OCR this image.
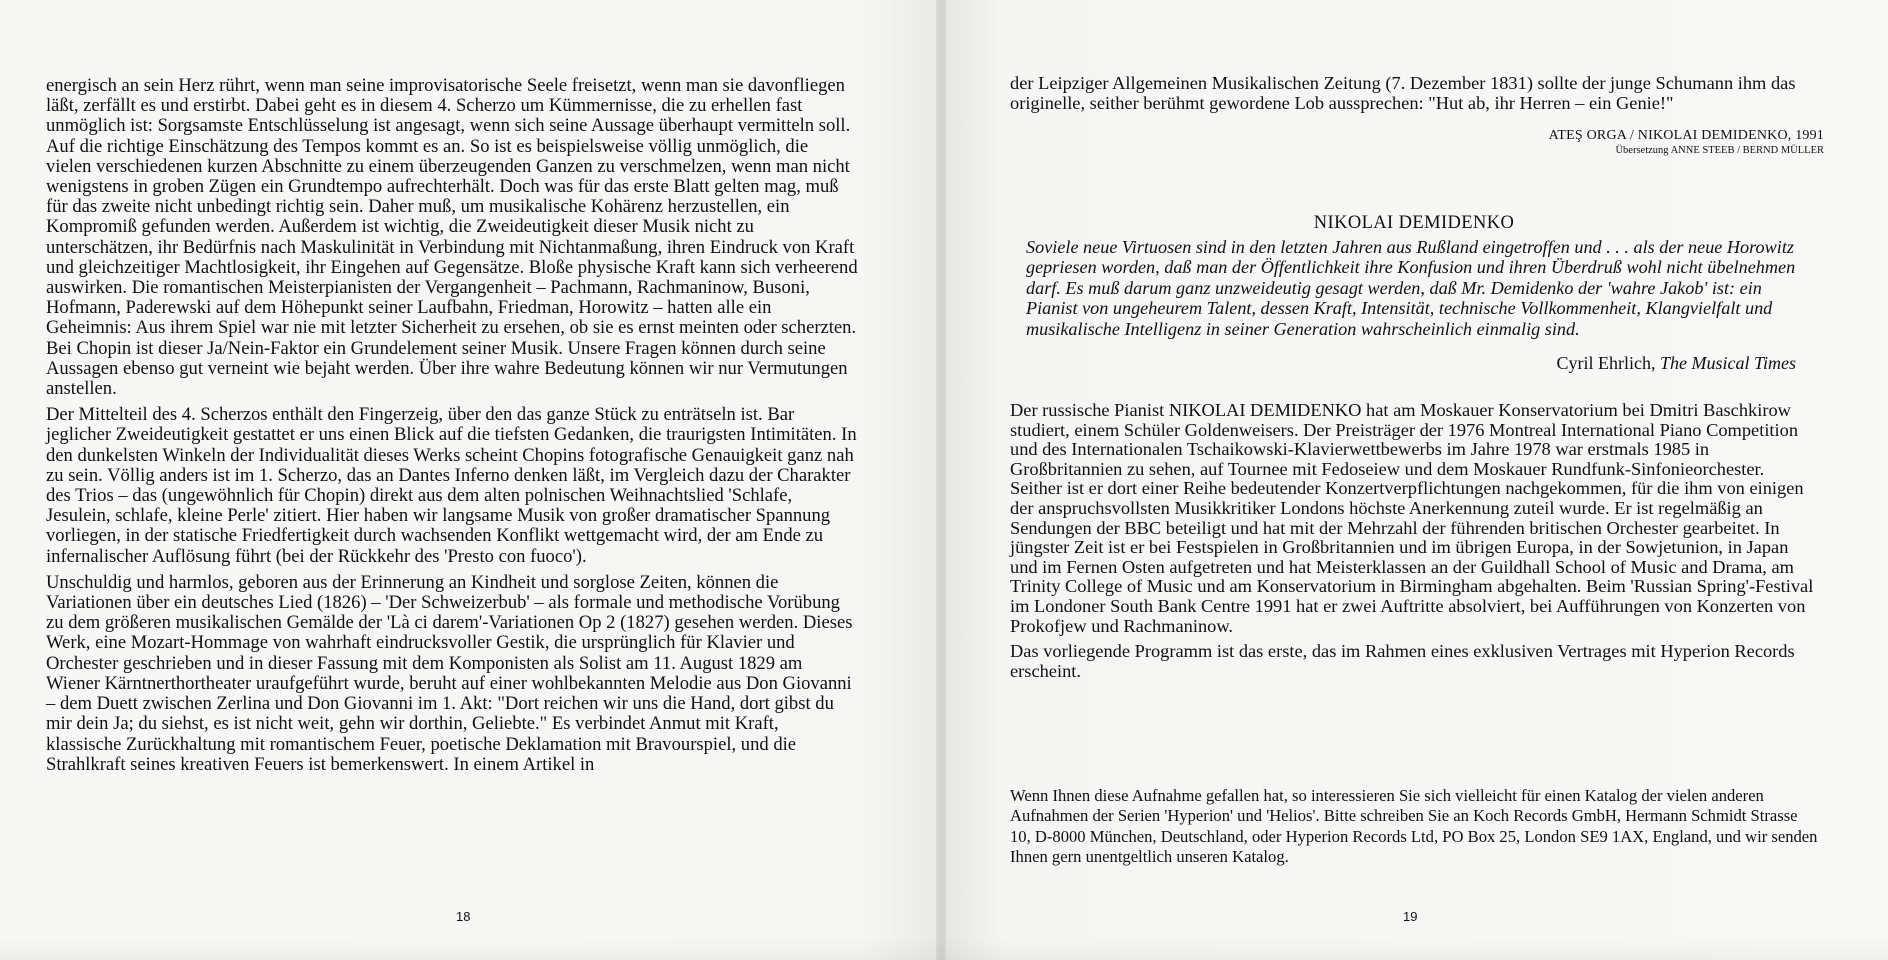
energisch an sein Herz rührt, wenn man seine improvisatorische Seele freisetzt, wenn man sie davonfliegen läßt, zerfällt es und erstirbt. Dabei geht es in diesem 4. Scherzo um Kümmernisse, die zu erhellen fast unmöglich ist: Sorgsamste Entschlüsselung ist angesagt, wenn sich seine Aussage überhaupt vermitteln soll. Auf die richtige Einschätzung des Tempos kommt es an. So ist es beispielsweise völlig unmöglich, die vielen verschiedenen kurzen Abschnitte zu einem überzeugenden Ganzen zu verschmelzen, wenn man nicht wenigstens in groben Zügen ein Grundtempo aufrechterhält. Doch was für das erste Blatt gelten mag, muß für das zweite nicht unbedingt richtig sein. Daher muß, um musikalische Kohärenz herzustellen, ein Kompromiß gefunden werden. Außerdem ist wichtig, die Zweideutigkeit dieser Musik nicht zu unterschätzen, ihr Bedürfnis nach Maskulinität in Verbindung mit Nichtanmaßung, ihren Eindruck von Kraft und gleichzeitiger Machtlosigkeit, ihr Eingehen auf Gegensätze. Bloße physische Kraft kann sich verheerend auswirken. Die romantischen Meisterpianisten der Vergangenheit – Pachmann, Rachmaninow, Busoni, Hofmann, Paderewski auf dem Höhepunkt seiner Laufbahn, Friedman, Horowitz – hatten alle ein Geheimnis: Aus ihrem Spiel war nie mit letzter Sicherheit zu ersehen, ob sie es ernst meinten oder scherzten. Bei Chopin ist dieser Ja/Nein-Faktor ein Grundelement seiner Musik. Unsere Fragen können durch seine Aussagen ebenso gut verneint wie bejaht werden. Über ihre wahre Bedeutung können wir nur Vermutungen anstellen.

Der Mittelteil des 4. Scherzos enthält den Fingerzeig, über den das ganze Stück zu enträtseln ist. Bar jeglicher Zweideutigkeit gestattet er uns einen Blick auf die tiefsten Gedanken, die traurigsten Intimitäten. In den dunkelsten Winkeln der Individualität dieses Werks scheint Chopins fotografische Genauigkeit ganz nah zu sein. Völlig anders ist im 1. Scherzo, das an Dantes Inferno denken läßt, im Vergleich dazu der Charakter des Trios – das (ungewöhnlich für Chopin) direkt aus dem alten polnischen Weihnachtslied 'Schlafe, Jesulein, schlafe, kleine Perle' zitiert. Hier haben wir langsame Musik von großer dramatischer Spannung vorliegen, in der statische Friedfertigkeit durch wachsenden Konflikt wettgemacht wird, der am Ende zu infernalischer Auflösung führt (bei der Rückkehr des 'Presto con fuoco').

Unschuldig und harmlos, geboren aus der Erinnerung an Kindheit und sorglose Zeiten, können die Variationen über ein deutsches Lied (1826) – 'Der Schweizerbub' – als formale und methodische Vorübung zu dem größeren musikalischen Gemälde der 'Là ci darem'-Variationen Op 2 (1827) gesehen werden. Dieses Werk, eine Mozart-Hommage von wahrhaft eindrucksvoller Gestik, die ursprünglich für Klavier und Orchester geschrieben und in dieser Fassung mit dem Komponisten als Solist am 11. August 1829 am Wiener Kärntnerthortheater uraufgeführt wurde, beruht auf einer wohlbekannten Melodie aus Don Giovanni – dem Duett zwischen Zerlina und Don Giovanni im 1. Akt: "Dort reichen wir uns die Hand, dort gibst du mir dein Ja; du siehst, es ist nicht weit, gehn wir dorthin, Geliebte." Es verbindet Anmut mit Kraft, klassische Zurückhaltung mit romantischem Feuer, poetische Deklamation mit Bravourspiel, und die Strahlkraft seines kreativen Feuers ist bemerkenswert. In einem Artikel in

18

der Leipziger Allgemeinen Musikalischen Zeitung (7. Dezember 1831) sollte der junge Schumann ihm das originelle, seither berühmt gewordene Lob aussprechen: "Hut ab, ihr Herren – ein Genie!"

ATEŞ ORGA / NIKOLAI DEMIDENKO, 1991
Übersetzung ANNE STEEB / BERND MÜLLER
NIKOLAI DEMIDENKO

Soviele neue Virtuosen sind in den letzten Jahren aus Rußland eingetroffen und . . . als der neue Horowitz gepriesen worden, daß man der Öffentlichkeit ihre Konfusion und ihren Überdruß wohl nicht übelnehmen darf. Es muß darum ganz unzweideutig gesagt werden, daß Mr. Demidenko der 'wahre Jakob' ist: ein Pianist von ungeheurem Talent, dessen Kraft, Intensität, technische Vollkommenheit, Klangvielfalt und musikalische Intelligenz in seiner Generation wahrscheinlich einmalig sind.

Cyril Ehrlich, The Musical Times

Der russische Pianist NIKOLAI DEMIDENKO hat am Moskauer Konservatorium bei Dmitri Baschkirow studiert, einem Schüler Goldenweisers. Der Preisträger der 1976 Montreal International Piano Competition und des Internationalen Tschaikowski-Klavierwettbewerbs im Jahre 1978 war erstmals 1985 in Großbritannien zu sehen, auf Tournee mit Fedoseiew und dem Moskauer Rundfunk-Sinfonieorchester. Seither ist er dort einer Reihe bedeutender Konzertverpflichtungen nachgekommen, für die ihm von einigen der anspruchsvollsten Musikkritiker Londons höchste Anerkennung zuteil wurde. Er ist regelmäßig an Sendungen der BBC beteiligt und hat mit der Mehrzahl der führenden britischen Orchester gearbeitet. In jüngster Zeit ist er bei Festspielen in Großbritannien und im übrigen Europa, in der Sowjetunion, in Japan und im Fernen Osten aufgetreten und hat Meisterklassen an der Guildhall School of Music and Drama, am Trinity College of Music und am Konservatorium in Birmingham abgehalten. Beim 'Russian Spring'-Festival im Londoner South Bank Centre 1991 hat er zwei Auftritte absolviert, bei Aufführungen von Konzerten von Prokofjew und Rachmaninow.

Das vorliegende Programm ist das erste, das im Rahmen eines exklusiven Vertrages mit Hyperion Records erscheint.

Wenn Ihnen diese Aufnahme gefallen hat, so interessieren Sie sich vielleicht für einen Katalog der vielen anderen Aufnahmen der Serien 'Hyperion' und 'Helios'. Bitte schreiben Sie an Koch Records GmbH, Hermann Schmidt Strasse 10, D-8000 München, Deutschland, oder Hyperion Records Ltd, PO Box 25, London SE9 1AX, England, und wir senden Ihnen gern unentgeltlich unseren Katalog.

19
